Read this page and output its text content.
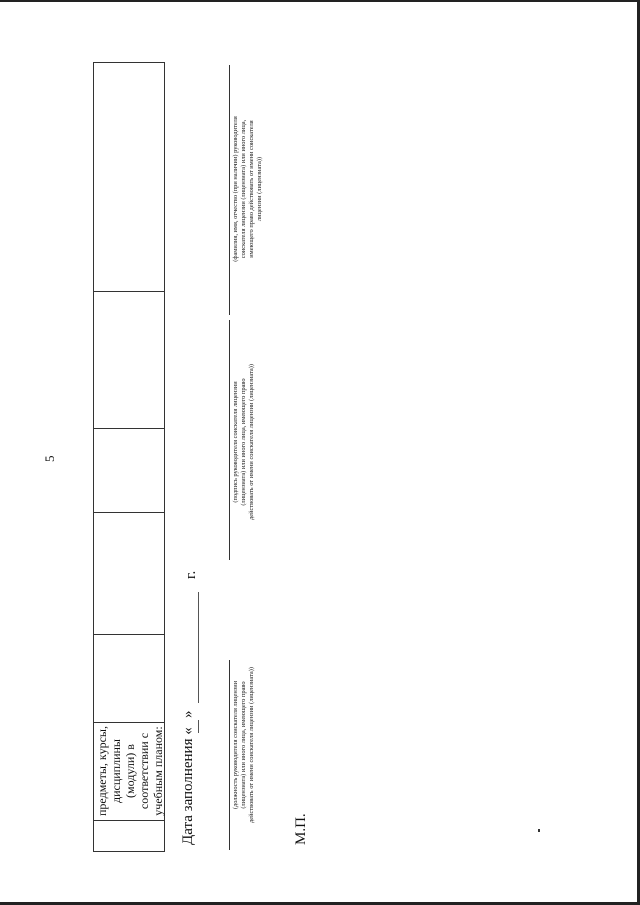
5
предметы, курсы, дисциплины (модули) в соответствии с учебным планом: Дата заполнения «
»
г.
(должность руководителя соискателя лицензии (лицензиата) или иного лица, имеющего право действовать от имени соискателя лицензии (лицензиата))
(подпись руководителя соискателя лицензии (лицензиата) или иного лица, имеющего право действовать от имени соискателя лицензии (лицензиата))
(фамилия, имя, отчество (при наличии) руководителя соискателя лицензии (лицензиата) или иного лица, имеющего право действовать от имени соискателя лицензии (лицензиата))
М.П.
